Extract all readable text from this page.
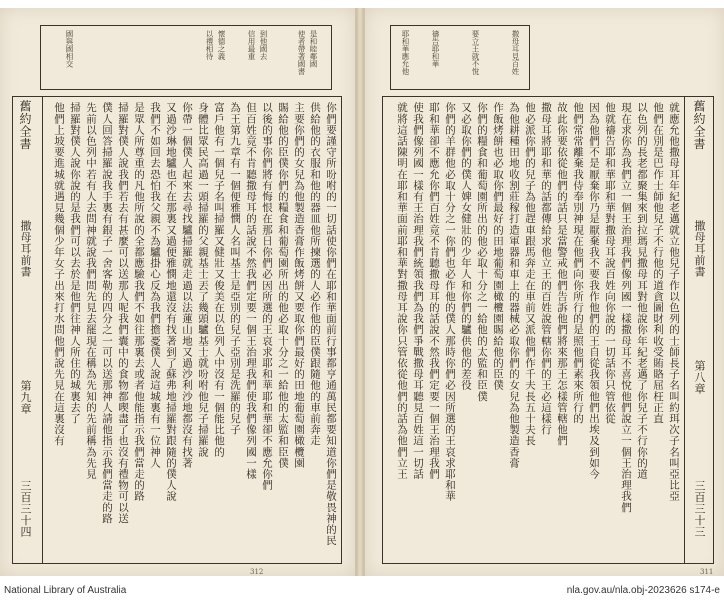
是和睦鄰國
使者帶著國書
到他國去
信用最重
懷德之義
以禮相待
國與國相交
舊約全書
撒母耳前書
第九章
三百三十四	你們要謹守所吩咐的一切話使你們在耶和華面前行事都亨通萬民都要知道你們是敬畏神的民
供給他的衣服和他的器皿他所揀選的人必作他的臣僕跟隨他的車前奔走
主要你們的女兒為他製造香膏作飯烤餅又要取你們最好的田地葡萄園橄欖園
賜給他的臣僕你們的糧食和葡萄園所出的他必取十分之一給他的太監和臣僕
以後的事你們將有悔恨在那日你們必因所選的王哀求耶和華耶和華卻不應允你們
但百姓竟不肯聽撒母耳的話說不然我們定要一個王治理我們使我們像列國一樣
為王第九章有一個便雅憫人名叫基士是亞別的兒子亞別是洗羅的兒子
富戶他有一個兒子名叫掃羅又健壯又俊美在以色列人中沒有一個能比他的
身體比眾民高過一頭掃羅的父親基士丟了幾頭驢基士就吩咐他兒子掃羅說
你帶一個僕人起來去尋找驢掃羅就走過以法蓮山地又過沙利沙地都沒有找著
又過沙琳地驢也不在那裏又過便雅憫地還沒有找著到了蘇弗地掃羅對跟隨的僕人說
我們不如回去恐怕我父親不為驢掛心反為我們擔憂僕人說這城裏有一位神人
是眾人所尊重的凡他所說的全都應驗我們不如往那裏去或者他能指示我們當走的路
掃羅對僕人說我們若去有甚麼可以送那人呢我們囊中的食物都喫盡了也沒有禮物可以送
僕人回答掃羅說我手裏有銀子一舍客勒的四分之一可以送那神人請他指示我們當走的路
先前以色列中若有人去問神就說我們問先見去罷現在稱為先知的先前稱為先見
掃羅對僕人說你說的是我們可以去於是他們往神人所住的城裏去了
他們上坡要進城就遇見幾個少年女子出來打水問他們說先見在這裏沒有
312
撒母耳見百姓
要立王就不悅
禱告耶和華
耶和華應允他
舊約全書
撒母耳前書
第八章
三百三十三
就應允他撒母耳年紀老邁就立他兒子作以色列的士師長子名叫約珥次子名叫亞比亞
他們在別是巴作士師他兒子不行他的道貪圖財利收受賄賂屈枉正直
以色列的長老都聚集來到拉瑪見撒母耳對他說你年紀老邁了你兒子不行你的道
現在求你為我們立一個王治理我們像列國一樣撒母耳不喜悅他們說立一個王治理我們
他就禱告耶和華耶和華對撒母耳說百姓向你說的一切話你只管依從
因為他們不是厭棄你乃是厭棄我不要我作他們的王自從我領他們出埃及到如今
他們常常離棄我侍奉別神現在他們向你所行的是照他們素來所行的
故此你要依從他們的話只是當警戒他們告訴他們將來那王怎樣管轄他們
撒母耳將耶和華的話都傳給求他立王的百姓說管轄你們的王必這樣行
他必派你們的兒子為他趕車跟馬奔走在車前又派他們作千夫長五十夫長
為他耕種田地收割莊稼打造軍器和車上的器械必取你們的女兒為他製造香膏
作飯烤餅也必取你們最好的田地葡萄園橄欖園賜給他的臣僕
你們的糧食和葡萄園所出的他必取十分之一給他的太監和臣僕
又必取你們的僕人婢女健壯的少年人和你們的驢供他的差役
你們的羊群他必取十分之一你們也必作他的僕人那時你們必因所選的王哀求耶和華
耶和華卻不應允你們百姓竟不肯聽撒母耳的話說不然我們定要一個王治理我們
使我們像列國一樣有王治理我們統領我們為我們爭戰撒母耳聽見百姓這一切話
就將這話陳明在耶和華面前耶和華對撒母耳說你只管依從他們的話為他們立王
311
National Library of Australia	nla.gov.au/nla.obj-2023626 s174-e
